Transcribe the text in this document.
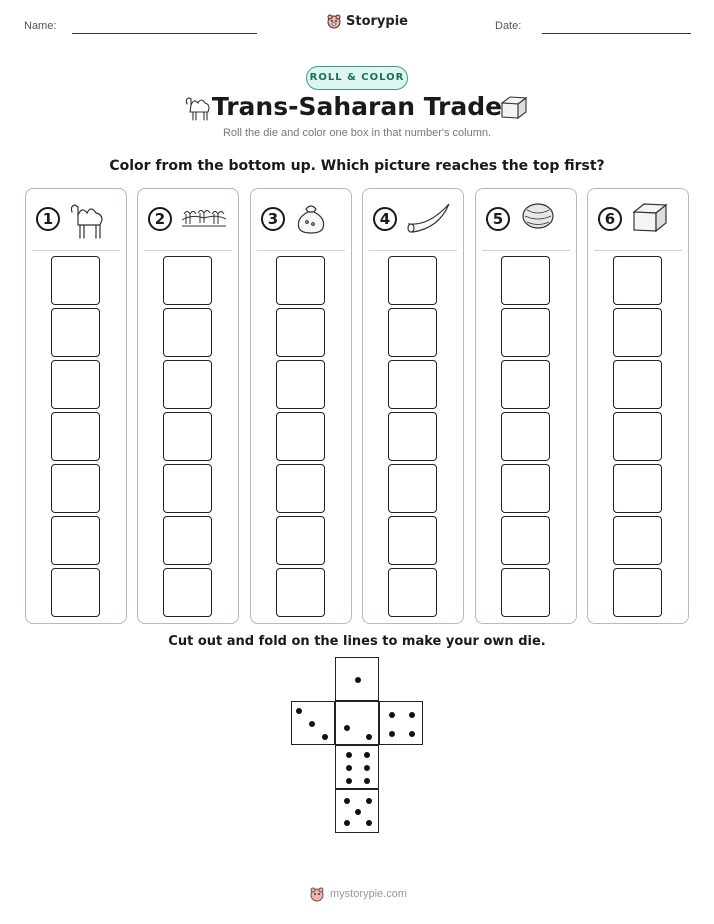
Name:	Storypie	Date:
ROLL & COLOR
Trans-Saharan Trade
Roll the die and color one box in that number's column.
Color from the bottom up. Which picture reaches the top first?
1	2	3	4	5	6
Cut out and fold on the lines to make your own die.
mystorypie.com
